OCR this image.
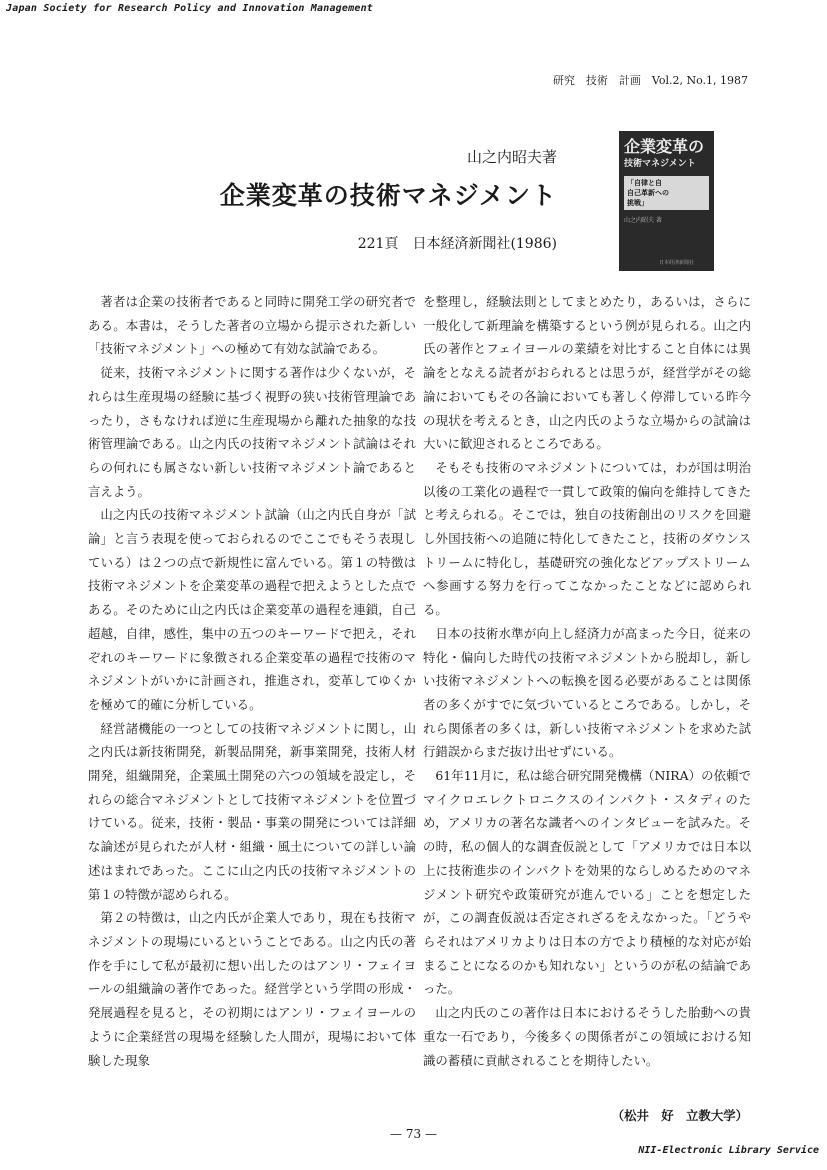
Japan Society for Research Policy and Innovation Management
研究　技術　計画　Vol.2, No.1, 1987
山之内昭夫著
企業変革の技術マネジメント
221頁　日本経済新聞社(1986)
企業変革の
技術マネジメント
「自律と自
自己革新への
挑戦」
山之内昭夫 著
日本経済新聞社

著者は企業の技術者であると同時に開発工学の研究者である。本書は，そうした著者の立場から提示された新しい「技術マネジメント」への極めて有効な試論である。

従来，技術マネジメントに関する著作は少くないが，それらは生産現場の経験に基づく視野の狭い技術管理論であったり，さもなければ逆に生産現場から離れた抽象的な技術管理論である。山之内氏の技術マネジメント試論はそれらの何れにも属さない新しい技術マネジメント論であると言えよう。

山之内氏の技術マネジメント試論（山之内氏自身が「試論」と言う表現を使っておられるのでここでもそう表現している）は２つの点で新規性に富んでいる。第１の特徴は技術マネジメントを企業変革の過程で把えようとした点である。そのために山之内氏は企業変革の過程を連鎖，自己超越，自律，感性，集中の五つのキーワードで把え，それぞれのキーワードに象徴される企業変革の過程で技術のマネジメントがいかに計画され，推進され，変革してゆくかを極めて的確に分析している。

経営諸機能の一つとしての技術マネジメントに関し，山之内氏は新技術開発，新製品開発，新事業開発，技術人材開発，組織開発，企業風土開発の六つの領域を設定し，それらの総合マネジメントとして技術マネジメントを位置づけている。従来，技術・製品・事業の開発については詳細な論述が見られたが人材・組織・風土についての詳しい論述はまれであった。ここに山之内氏の技術マネジメントの第１の特徴が認められる。

第２の特徴は，山之内氏が企業人であり，現在も技術マネジメントの現場にいるということである。山之内氏の著作を手にして私が最初に想い出したのはアンリ・フェイヨールの組織論の著作であった。経営学という学問の形成・発展過程を見ると，その初期にはアンリ・フェイヨールのように企業経営の現場を経験した人間が，現場において体験した現象

を整理し，経験法則としてまとめたり，あるいは，さらに一般化して新理論を構築するという例が見られる。山之内氏の著作とフェイヨールの業績を対比すること自体には異論をとなえる読者がおられるとは思うが，経営学がその総論においてもその各論においても著しく停滞している昨今の現状を考えるとき，山之内氏のような立場からの試論は大いに歓迎されるところである。

そもそも技術のマネジメントについては，わが国は明治以後の工業化の過程で一貫して政策的偏向を維持してきたと考えられる。そこでは，独自の技術創出のリスクを回避し外国技術への追随に特化してきたこと，技術のダウンストリームに特化し，基礎研究の強化などアップストリームへ参画する努力を行ってこなかったことなどに認められる。

日本の技術水準が向上し経済力が高まった今日，従来の特化・偏向した時代の技術マネジメントから脱却し，新しい技術マネジメントへの転換を図る必要があることは関係者の多くがすでに気づいているところである。しかし，それら関係者の多くは，新しい技術マネジメントを求めた試行錯誤からまだ抜け出せずにいる。

61年11月に，私は総合研究開発機構（NIRA）の依頼でマイクロエレクトロニクスのインパクト・スタディのため，アメリカの著名な識者へのインタビューを試みた。その時，私の個人的な調査仮説として「アメリカでは日本以上に技術進歩のインパクトを効果的ならしめるためのマネジメント研究や政策研究が進んでいる」ことを想定したが，この調査仮説は否定されざるをえなかった。「どうやらそれはアメリカよりは日本の方でより積極的な対応が始まることになるのかも知れない」というのが私の結論であった。

山之内氏のこの著作は日本におけるそうした胎動への貴重な一石であり，今後多くの関係者がこの領域における知識の蓄積に貢献されることを期待したい。

（松井　好　立教大学）
— 73 —
NII-Electronic Library Service
